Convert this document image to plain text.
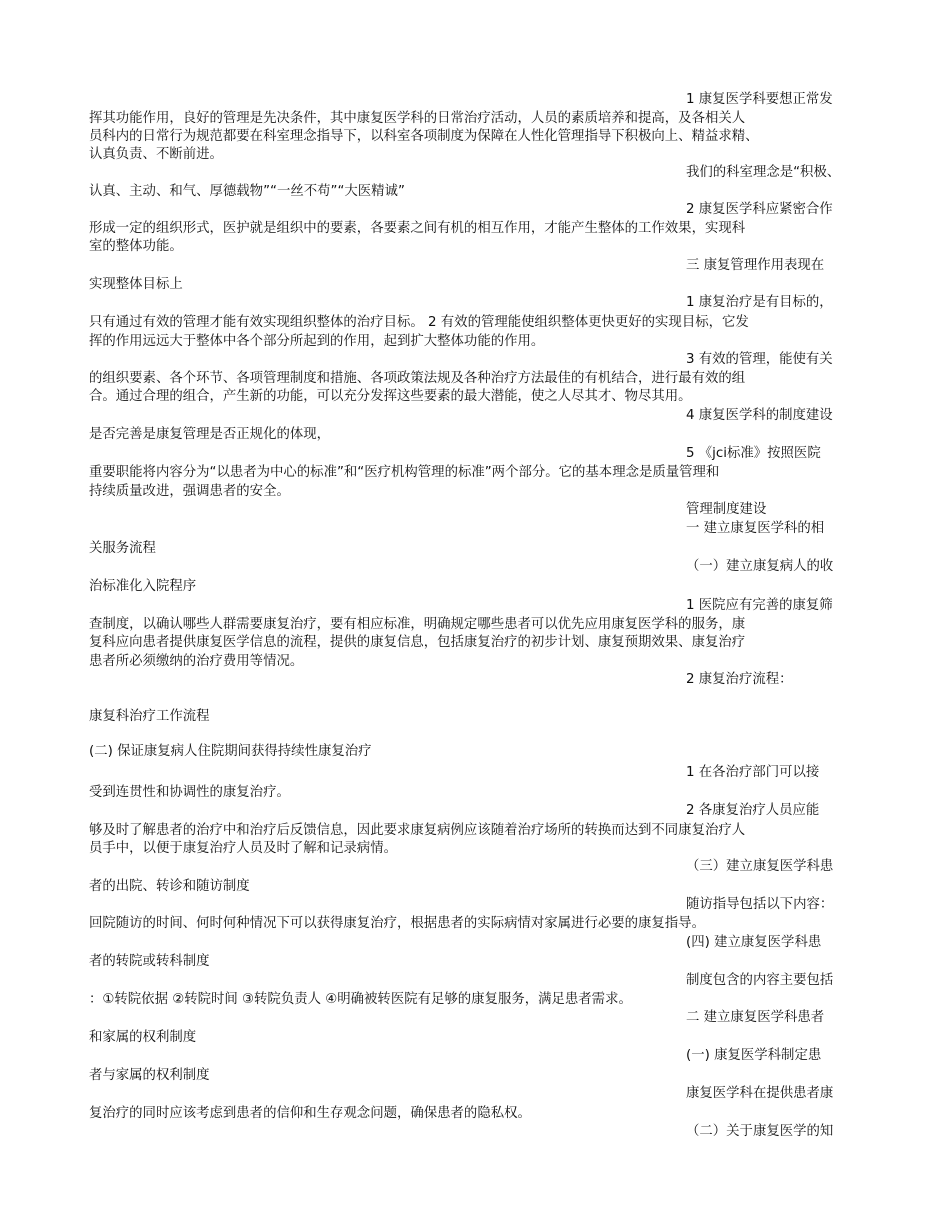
1 康复医学科要想正常发
挥其功能作用，良好的管理是先决条件，其中康复医学科的日常治疗活动，人员的素质培养和提高，及各相关人
员科内的日常行为规范都要在科室理念指导下，以科室各项制度为保障在人性化管理指导下积极向上、精益求精、
认真负责、不断前进。
我们的科室理念是“积极、
认真、主动、和气、厚德载物”“一丝不苟”“大医精诚”
2 康复医学科应紧密合作
形成一定的组织形式，医护就是组织中的要素，各要素之间有机的相互作用，才能产生整体的工作效果，实现科
室的整体功能。
三 康复管理作用表现在
实现整体目标上
1 康复治疗是有目标的，
只有通过有效的管理才能有效实现组织整体的治疗目标。 2 有效的管理能使组织整体更快更好的实现目标，它发
挥的作用远远大于整体中各个部分所起到的作用，起到扩大整体功能的作用。
3 有效的管理，能使有关
的组织要素、各个环节、各项管理制度和措施、各项政策法规及各种治疗方法最佳的有机结合，进行最有效的组
合。通过合理的组合，产生新的功能，可以充分发挥这些要素的最大潜能，使之人尽其才、物尽其用。
4 康复医学科的制度建设
是否完善是康复管理是否正规化的体现，
5 《jci标准》按照医院
重要职能将内容分为“以患者为中心的标准”和“医疗机构管理的标准”两个部分。它的基本理念是质量管理和
持续质量改进，强调患者的安全。
管理制度建设
一 建立康复医学科的相
关服务流程
（一）建立康复病人的收
治标准化入院程序
1 医院应有完善的康复筛
查制度，以确认哪些人群需要康复治疗，要有相应标准，明确规定哪些患者可以优先应用康复医学科的服务，康
复科应向患者提供康复医学信息的流程，提供的康复信息，包括康复治疗的初步计划、康复预期效果、康复治疗
患者所必须缴纳的治疗费用等情况。
2 康复治疗流程：
康复科治疗工作流程
(二) 保证康复病人住院期间获得持续性康复治疗
1 在各治疗部门可以接
受到连贯性和协调性的康复治疗。
2 各康复治疗人员应能
够及时了解患者的治疗中和治疗后反馈信息，因此要求康复病例应该随着治疗场所的转换而达到不同康复治疗人
员手中，以便于康复治疗人员及时了解和记录病情。
（三）建立康复医学科患
者的出院、转诊和随访制度
随访指导包括以下内容：
回院随访的时间、何时何种情况下可以获得康复治疗，根据患者的实际病情对家属进行必要的康复指导。
(四) 建立康复医学科患
者的转院或转科制度
制度包含的内容主要包括
：①转院依据 ②转院时间 ③转院负责人 ④明确被转医院有足够的康复服务，满足患者需求。
二 建立康复医学科患者
和家属的权利制度
(一) 康复医学科制定患
者与家属的权利制度
康复医学科在提供患者康
复治疗的同时应该考虑到患者的信仰和生存观念问题，确保患者的隐私权。
（二）关于康复医学的知
